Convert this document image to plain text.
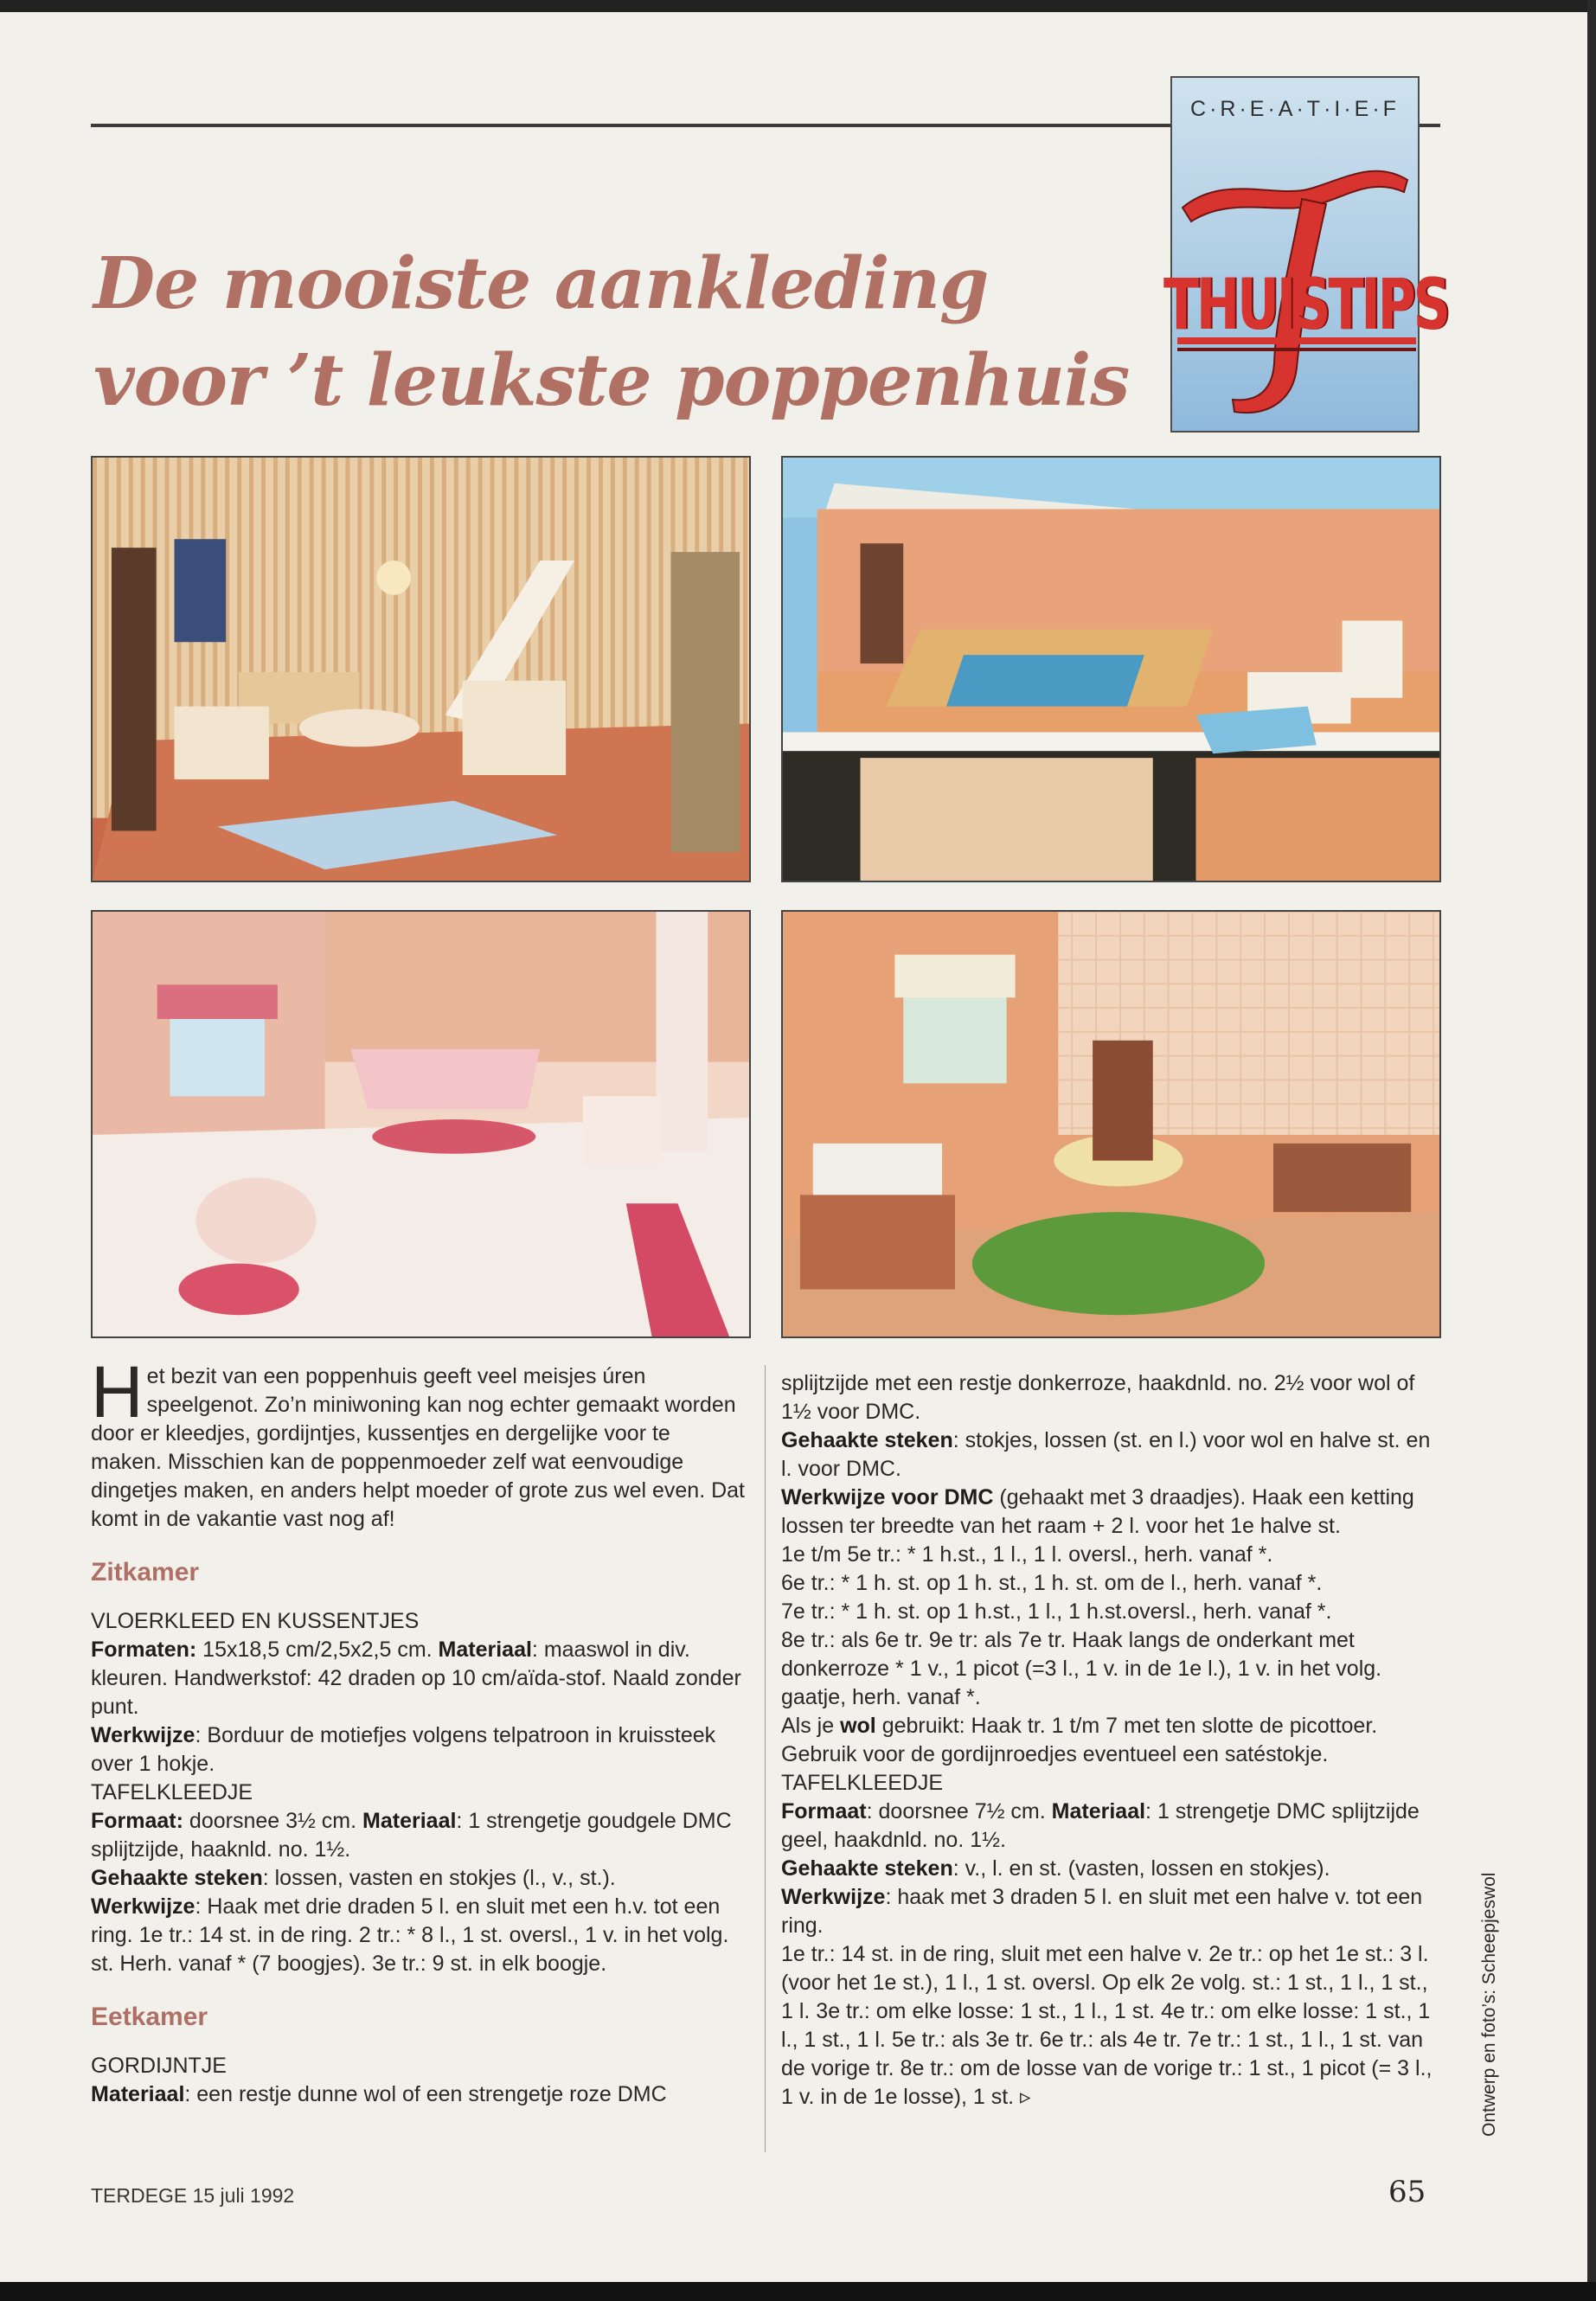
C·R·E·A·T·I·E·F
THUISTIPS
De mooiste aankleding
voor ’t leukste poppenhuis

Het bezit van een poppenhuis geeft veel meisjes úren speelgenot. Zo’n miniwoning kan nog echter gemaakt worden door er kleedjes, gordijntjes, kussentjes en dergelijke voor te maken. Misschien kan de poppenmoeder zelf wat eenvoudige dingetjes maken, en anders helpt moeder of grote zus wel even. Dat komt in de vakantie vast nog af!

Zitkamer

VLOERKLEED EN KUSSENTJES

Formaten: 15x18,5 cm/2,5x2,5 cm. Materiaal: maaswol in div. kleuren. Handwerkstof: 42 draden op 10 cm/aïda-stof. Naald zonder punt.

Werkwijze: Borduur de motiefjes volgens telpatroon in kruissteek over 1 hokje.

TAFELKLEEDJE

Formaat: doorsnee 3½ cm. Materiaal: 1 strengetje goudgele DMC splijtzijde, haaknld. no. 1½.

Gehaakte steken: lossen, vasten en stokjes (l., v., st.).

Werkwijze: Haak met drie draden 5 l. en sluit met een h.v. tot een ring. 1e tr.: 14 st. in de ring. 2 tr.: * 8 l., 1 st. oversl., 1 v. in het volg. st. Herh. vanaf * (7 boogjes). 3e tr.: 9 st. in elk boogje.

Eetkamer

GORDIJNTJE

Materiaal: een restje dunne wol of een strengetje roze DMC

splijtzijde met een restje donkerroze, haakdnld. no. 2½ voor wol of 1½ voor DMC.

Gehaakte steken: stokjes, lossen (st. en l.) voor wol en halve st. en l. voor DMC.

Werkwijze voor DMC (gehaakt met 3 draadjes). Haak een ketting lossen ter breedte van het raam + 2 l. voor het 1e halve st.

1e t/m 5e tr.: * 1 h.st., 1 l., 1 l. oversl., herh. vanaf *.

6e tr.: * 1 h. st. op 1 h. st., 1 h. st. om de l., herh. vanaf *.

7e tr.: * 1 h. st. op 1 h.st., 1 l., 1 h.st.oversl., herh. vanaf *.

8e tr.: als 6e tr. 9e tr: als 7e tr. Haak langs de onderkant met donkerroze * 1 v., 1 picot (=3 l., 1 v. in de 1e l.), 1 v. in het volg. gaatje, herh. vanaf *.

Als je wol gebruikt: Haak tr. 1 t/m 7 met ten slotte de picottoer. Gebruik voor de gordijnroedjes eventueel een satéstokje.

TAFELKLEEDJE

Formaat: doorsnee 7½ cm. Materiaal: 1 strengetje DMC splijtzijde geel, haakdnld. no. 1½.

Gehaakte steken: v., l. en st. (vasten, lossen en stokjes).

Werkwijze: haak met 3 draden 5 l. en sluit met een halve v. tot een ring.

1e tr.: 14 st. in de ring, sluit met een halve v. 2e tr.: op het 1e st.: 3 l. (voor het 1e st.), 1 l., 1 st. oversl. Op elk 2e volg. st.: 1 st., 1 l., 1 st., 1 l. 3e tr.: om elke losse: 1 st., 1 l., 1 st. 4e tr.: om elke losse: 1 st., 1 l., 1 st., 1 l. 5e tr.: als 3e tr. 6e tr.: als 4e tr. 7e tr.: 1 st., 1 l., 1 st. van de vorige tr. 8e tr.: om de losse van de vorige tr.: 1 st., 1 picot (= 3 l., 1 v. in de 1e losse), 1 st. ▹	Ontwerp en foto’s: Scheepjeswol
TERDEGE 15 juli 1992	65
